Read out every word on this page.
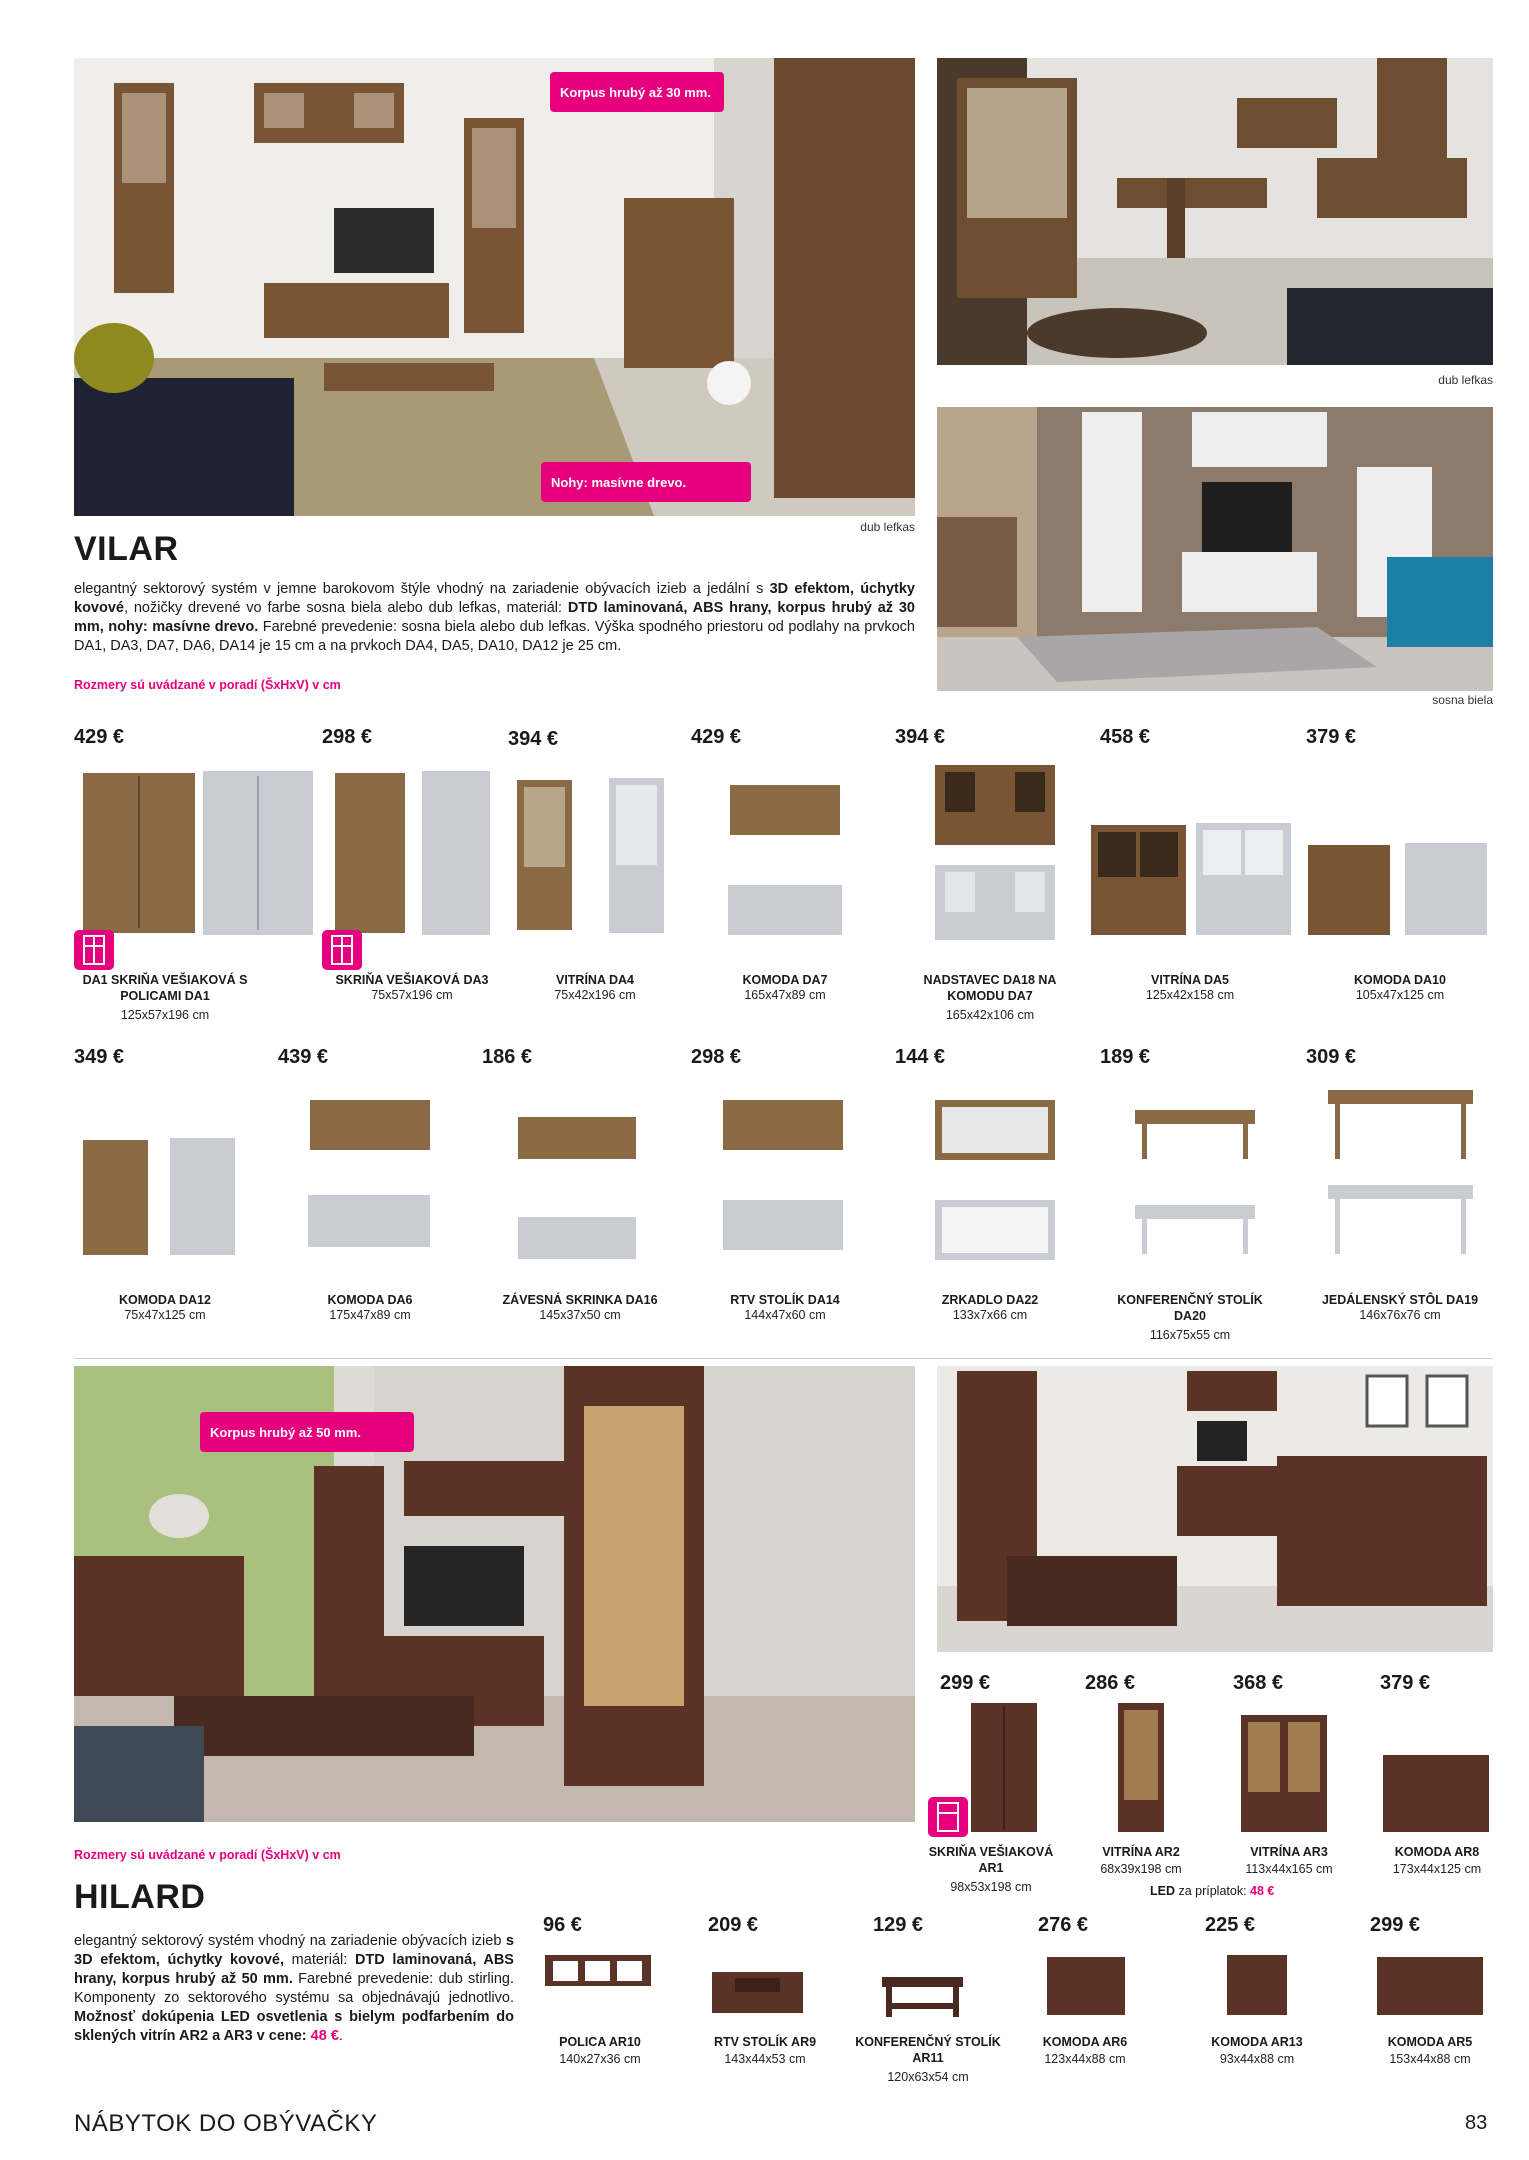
Korpus hrubý až 30 mm.
Nohy: masívne drevo.
dub lefkas
dub lefkas
sosna biela
VILAR
elegantný sektorový systém v jemne barokovom štýle vhodný na zariadenie obývacích izieb a jedální s 3D efektom, úchytky kovové, nožičky drevené vo farbe sosna biela alebo dub lefkas, materiál: DTD laminovaná, ABS hrany, korpus hrubý až 30 mm, nohy: masívne drevo. Farebné prevedenie: sosna biela alebo dub lefkas. Výška spodného priestoru od podlahy na prvkoch DA1, DA3, DA7, DA6, DA14 je 15 cm a na prvkoch DA4, DA5, DA10, DA12 je 25 cm.
Rozmery sú uvádzané v poradí (ŠxHxV) v cm
429 €
DA1 SKRIŇA VEŠIAKOVÁ S POLICAMI DA1
125x57x196 cm
298 €
SKRIŇA VEŠIAKOVÁ DA3
75x57x196 cm
394 €
VITRÍNA DA4
75x42x196 cm
429 €
KOMODA DA7
165x47x89 cm
394 €
NADSTAVEC DA18 NA KOMODU DA7
165x42x106 cm
458 €
VITRÍNA DA5
125x42x158 cm
379 €
KOMODA DA10
105x47x125 cm
349 €
KOMODA DA12
75x47x125 cm
439 €
KOMODA DA6
175x47x89 cm
186 €
ZÁVESNÁ SKRINKA DA16
145x37x50 cm
298 €
RTV STOLÍK DA14
144x47x60 cm
144 €
ZRKADLO DA22
133x7x66 cm
189 €
KONFERENČNÝ STOLÍK DA20
116x75x55 cm
309 €
JEDÁLENSKÝ STÔL DA19
146x76x76 cm
Korpus hrubý až 50 mm.
299 €
SKRIŇA VEŠIAKOVÁ AR1
98x53x198 cm
286 €
VITRÍNA AR2
68x39x198 cm
368 €
VITRÍNA AR3
113x44x165 cm
379 €
KOMODA AR8
173x44x125 cm
LED za príplatok: 48 €
Rozmery sú uvádzané v poradí (ŠxHxV) v cm
HILARD
elegantný sektorový systém vhodný na zariadenie obývacích izieb s 3D efektom, úchytky kovové, materiál: DTD laminovaná, ABS hrany, korpus hrubý až 50 mm. Farebné prevedenie: dub stirling. Komponenty zo sektorového systému sa objednávajú jednotlivo. Možnosť dokúpenia LED osvetlenia s bielym podfarbením do sklených vitrín AR2 a AR3 v cene: 48 €.
96 €
POLICA AR10
140x27x36 cm
209 €
RTV STOLÍK AR9
143x44x53 cm
129 €
KONFERENČNÝ STOLÍK AR11
120x63x54 cm
276 €
KOMODA AR6
123x44x88 cm
225 €
KOMODA AR13
93x44x88 cm
299 €
KOMODA AR5
153x44x88 cm
NÁBYTOK DO OBÝVAČKY	83
